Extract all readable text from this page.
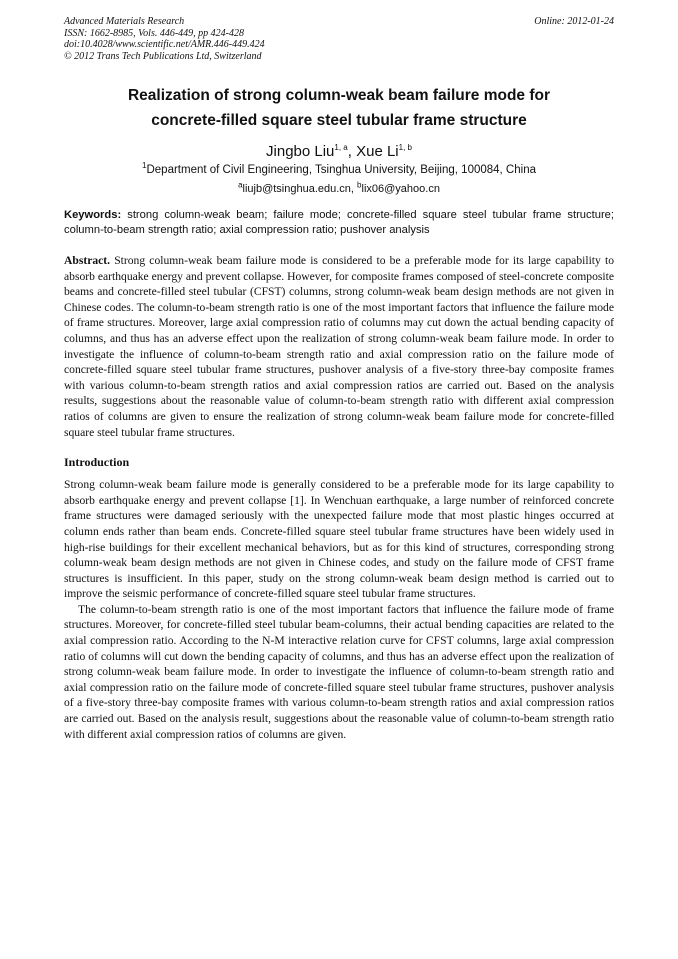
Advanced Materials Research
ISSN: 1662-8985, Vols. 446-449, pp 424-428
doi:10.4028/www.scientific.net/AMR.446-449.424
© 2012 Trans Tech Publications Ltd, Switzerland
Online: 2012-01-24
Realization of strong column-weak beam failure mode for
concrete-filled square steel tubular frame structure
Jingbo Liu$^{1, a}$, Xue Li$^{1, b}$
$^1$Department of Civil Engineering, Tsinghua University, Beijing, 100084, China
$^a$liujb@tsinghua.edu.cn, $^b$lix06@yahoo.cn
Keywords: strong column-weak beam; failure mode; concrete-filled square steel tubular frame structure; column-to-beam strength ratio; axial compression ratio; pushover analysis
Abstract. Strong column-weak beam failure mode is considered to be a preferable mode for its large capability to absorb earthquake energy and prevent collapse. However, for composite frames composed of steel-concrete composite beams and concrete-filled steel tubular (CFST) columns, strong column-weak beam design methods are not given in Chinese codes. The column-to-beam strength ratio is one of the most important factors that influence the failure mode of frame structures. Moreover, large axial compression ratio of columns may cut down the actual bending capacity of columns, and thus has an adverse effect upon the realization of strong column-weak beam failure mode. In order to investigate the influence of column-to-beam strength ratio and axial compression ratio on the failure mode of concrete-filled square steel tubular frame structures, pushover analysis of a five-story three-bay composite frames with various column-to-beam strength ratios and axial compression ratios are carried out. Based on the analysis results, suggestions about the reasonable value of column-to-beam strength ratio with different axial compression ratios of columns are given to ensure the realization of strong column-weak beam failure mode for concrete-filled square steel tubular frame structures.
Introduction

Strong column-weak beam failure mode is generally considered to be a preferable mode for its large capability to absorb earthquake energy and prevent collapse [1]. In Wenchuan earthquake, a large number of reinforced concrete frame structures were damaged seriously with the unexpected failure mode that most plastic hinges occurred at column ends rather than beam ends. Concrete-filled square steel tubular frame structures have been widely used in high-rise buildings for their excellent mechanical behaviors, but as for this kind of structures, corresponding strong column-weak beam design methods are not given in Chinese codes, and study on the failure mode of CFST frame structures is insufficient. In this paper, study on the strong column-weak beam design method is carried out to improve the seismic performance of concrete-filled square steel tubular frame structures.

The column-to-beam strength ratio is one of the most important factors that influence the failure mode of frame structures. Moreover, for concrete-filled steel tubular beam-columns, their actual bending capacities are related to the axial compression ratio. According to the N-M interactive relation curve for CFST columns, large axial compression ratio of columns will cut down the bending capacity of columns, and thus has an adverse effect upon the realization of strong column-weak beam failure mode. In order to investigate the influence of column-to-beam strength ratio and axial compression ratio on the failure mode of concrete-filled square steel tubular frame structures, pushover analysis of a five-story three-bay composite frames with various column-to-beam strength ratios and axial compression ratios are carried out. Based on the analysis result, suggestions about the reasonable value of column-to-beam strength ratio with different axial compression ratios of columns are given.
